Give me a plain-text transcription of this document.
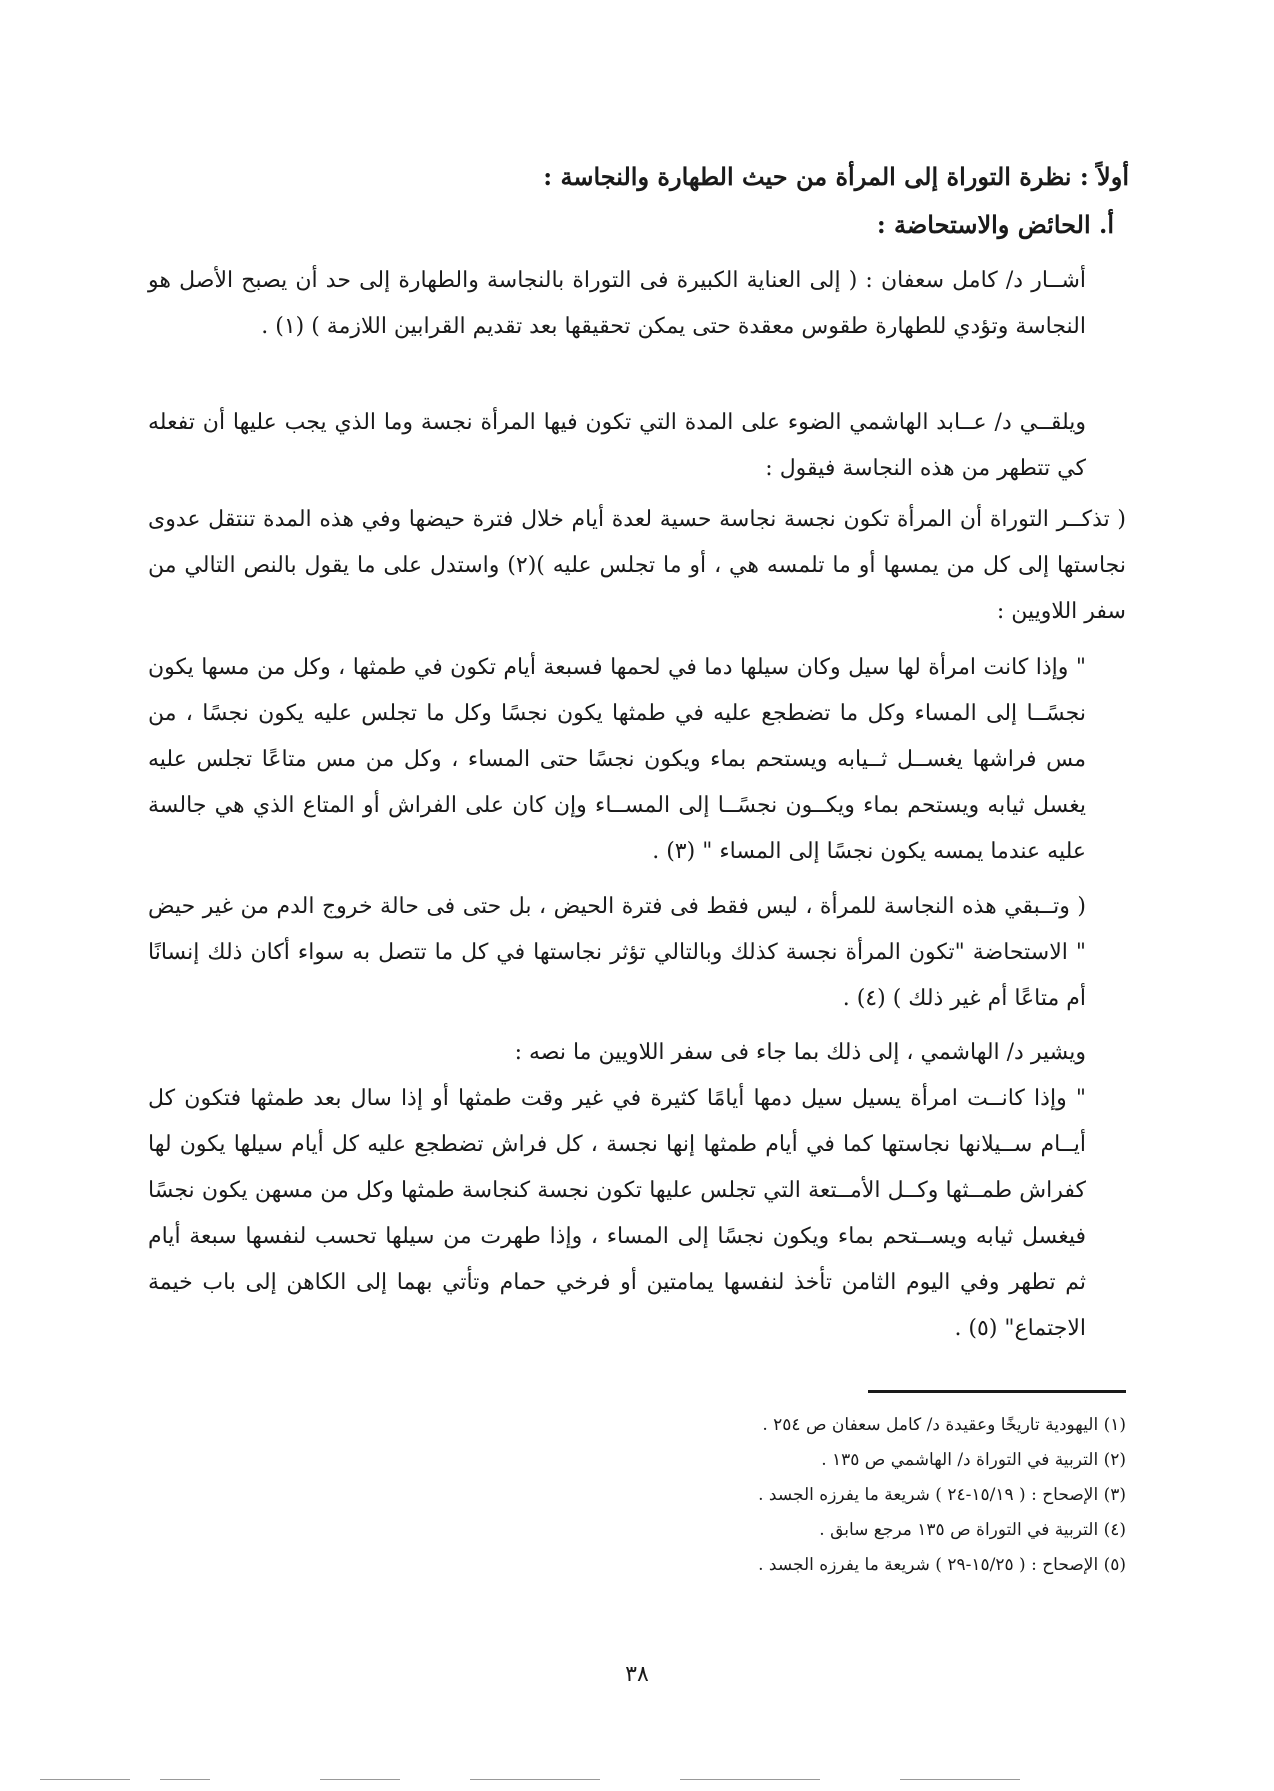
أولاً : نظرة التوراة إلى المرأة من حيث الطهارة والنجاسة :
أ. الحائض والاستحاضة :

أشــار د/ كامل سعفان : ( إلى العناية الكبيرة فى التوراة بالنجاسة والطهارة إلى حد أن يصبح الأصل هو النجاسة وتؤدي للطهارة طقوس معقدة حتى يمكن تحقيقها بعد تقديم القرابين اللازمة ) (١) .

ويلقــي د/ عــابد الهاشمي الضوء على المدة التي تكون فيها المرأة نجسة وما الذي يجب عليها أن تفعله كي تتطهر من هذه النجاسة فيقول :

( تذكــر التوراة أن المرأة تكون نجسة نجاسة حسية لعدة أيام خلال فترة حيضها وفي هذه المدة تنتقل عدوى نجاستها إلى كل من يمسها أو ما تلمسه هي ، أو ما تجلس عليه )(٢) واستدل على ما يقول بالنص التالي من سفر اللاويين :

" وإذا كانت امرأة لها سيل وكان سيلها دما في لحمها فسبعة أيام تكون في طمثها ، وكل من مسها يكون نجسًــا إلى المساء وكل ما تضطجع عليه في طمثها يكون نجسًا وكل ما تجلس عليه يكون نجسًا ، من مس فراشها يغســل ثــيابه ويستحم بماء ويكون نجسًا حتى المساء ، وكل من مس متاعًا تجلس عليه يغسل ثيابه ويستحم بماء ويكــون نجسًــا إلى المســاء وإن كان على الفراش أو المتاع الذي هي جالسة عليه عندما يمسه يكون نجسًا إلى المساء " (٣) .

( وتــبقي هذه النجاسة للمرأة ، ليس فقط فى فترة الحيض ، بل حتى فى حالة خروج الدم من غير حيض " الاستحاضة "تكون المرأة نجسة كذلك وبالتالي تؤثر نجاستها في كل ما تتصل به سواء أكان ذلك إنسانًا أم متاعًا أم غير ذلك ) (٤) .

ويشير د/ الهاشمي ، إلى ذلك بما جاء فى سفر اللاويين ما نصه :

" وإذا كانــت امرأة يسيل سيل دمها أيامًا كثيرة في غير وقت طمثها أو إذا سال بعد طمثها فتكون كل أيــام ســيلانها نجاستها كما في أيام طمثها إنها نجسة ، كل فراش تضطجع عليه كل أيام سيلها يكون لها كفراش طمــثها وكــل الأمــتعة التي تجلس عليها تكون نجسة كنجاسة طمثها وكل من مسهن يكون نجسًا فيغسل ثيابه ويســتحم بماء ويكون نجسًا إلى المساء ، وإذا طهرت من سيلها تحسب لنفسها سبعة أيام ثم تطهر وفي اليوم الثامن تأخذ لنفسها يمامتين أو فرخي حمام وتأتي بهما إلى الكاهن إلى باب خيمة الاجتماع" (٥) .

(١) اليهودية تاريخًا وعقيدة د/ كامل سعفان ص ٢٥٤ .
(٢) التربية في التوراة د/ الهاشمي ص ١٣٥ .
(٣) الإصحاح : ( ١٥/١٩-٢٤ ) شريعة ما يفرزه الجسد .
(٤) التربية في التوراة ص ١٣٥ مرجع سابق .
(٥) الإصحاح : ( ١٥/٢٥-٢٩ ) شريعة ما يفرزه الجسد .
٣٨
